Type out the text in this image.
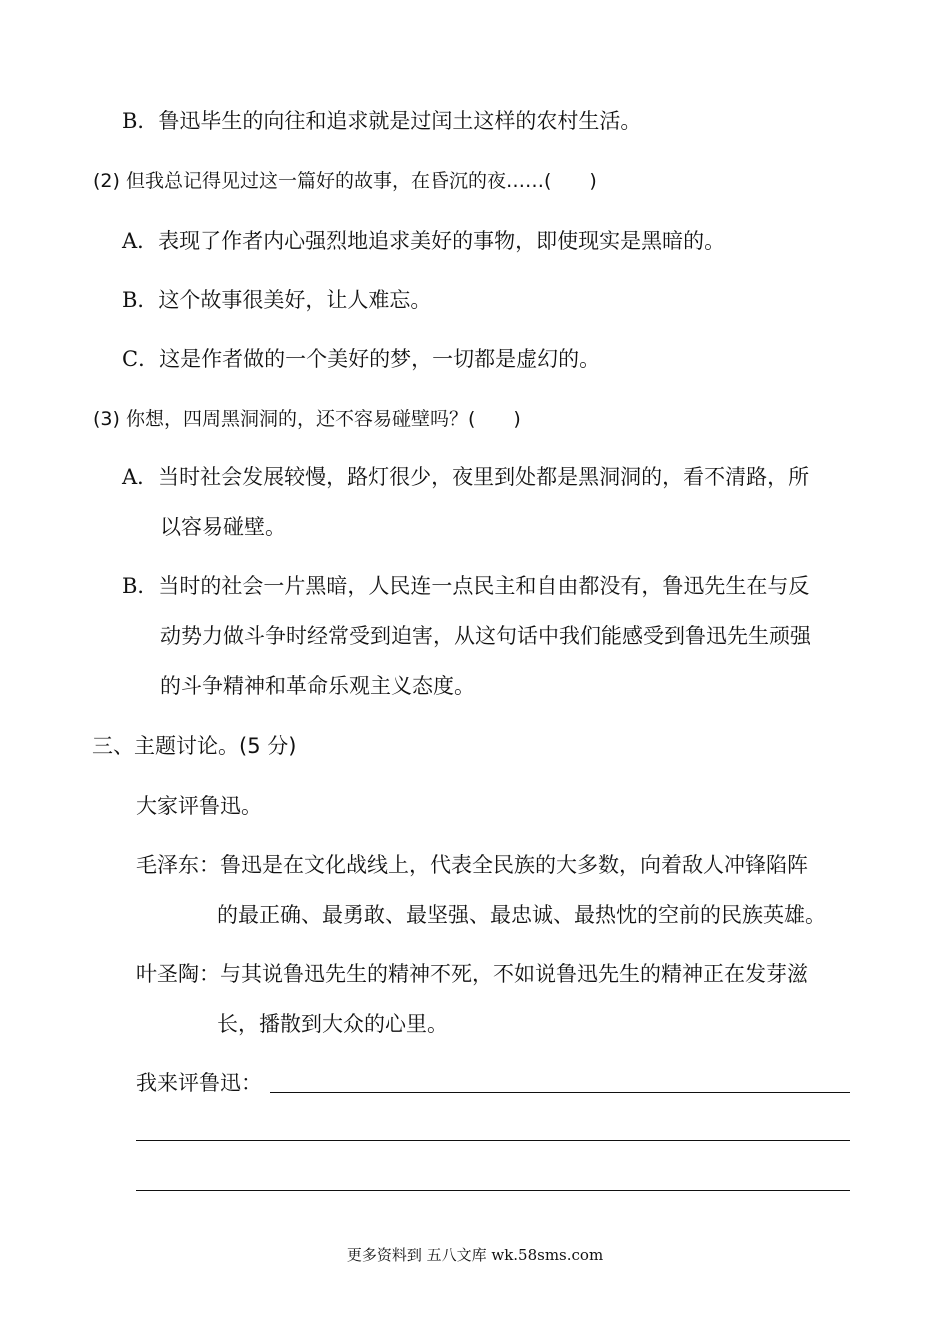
B．鲁迅毕生的向往和追求就是过闰土这样的农村生活。
(2) 但我总记得见过这一篇好的故事，在昏沉的夜……(　　)
A．表现了作者内心强烈地追求美好的事物，即使现实是黑暗的。
B．这个故事很美好，让人难忘。
C．这是作者做的一个美好的梦，一切都是虚幻的。
(3) 你想，四周黑洞洞的，还不容易碰壁吗？(　　)
A．当时社会发展较慢，路灯很少，夜里到处都是黑洞洞的，看不清路，所
以容易碰壁。
B．当时的社会一片黑暗，人民连一点民主和自由都没有，鲁迅先生在与反
动势力做斗争时经常受到迫害，从这句话中我们能感受到鲁迅先生顽强
的斗争精神和革命乐观主义态度。
三、主题讨论。(5 分)
大家评鲁迅。
毛泽东：鲁迅是在文化战线上，代表全民族的大多数，向着敌人冲锋陷阵
的最正确、最勇敢、最坚强、最忠诚、最热忱的空前的民族英雄。
叶圣陶：与其说鲁迅先生的精神不死，不如说鲁迅先生的精神正在发芽滋
长，播散到大众的心里。
我来评鲁迅：
更多资料到 五八文库 wk.58sms.com
